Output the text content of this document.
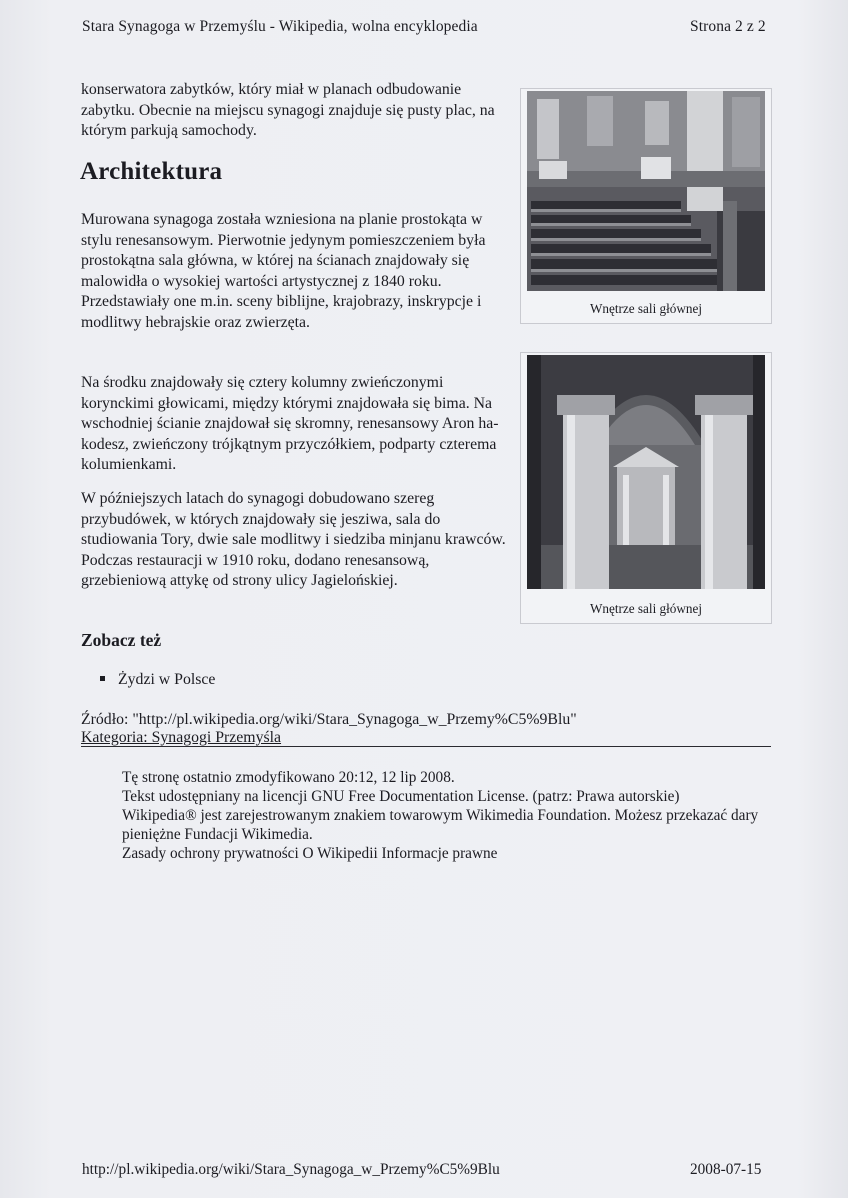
Stara Synagoga w Przemyślu - Wikipedia, wolna encyklopedia	Strona 2 z 2
konserwatora zabytków, który miał w planach odbudowanie zabytku. Obecnie na miejscu synagogi znajduje się pusty plac, na którym parkują samochody.
Architektura
Murowana synagoga została wzniesiona na planie prostokąta w stylu renesansowym. Pierwotnie jedynym pomieszczeniem była prostokątna sala główna, w której na ścianach znajdowały się malowidła o wysokiej wartości artystycznej z 1840 roku. Przedstawiały one m.in. sceny biblijne, krajobrazy, inskrypcje i modlitwy hebrajskie oraz zwierzęta.
Na środku znajdowały się cztery kolumny zwieńczonymi korynckimi głowicami, między którymi znajdowała się bima. Na wschodniej ścianie znajdował się skromny, renesansowy Aron ha-kodesz, zwieńczony trójkątnym przyczółkiem, podparty czterema kolumienkami.
W późniejszych latach do synagogi dobudowano szereg przybudówek, w których znajdowały się jesziwa, sala do studiowania Tory, dwie sale modlitwy i siedziba minjanu krawców. Podczas restauracji w 1910 roku, dodano renesansową, grzebieniową attykę od strony ulicy Jagielońskiej.
Wnętrze sali głównej
Wnętrze sali głównej
Zobacz też
Żydzi w Polsce
Źródło: "http://pl.wikipedia.org/wiki/Stara_Synagoga_w_Przemy%C5%9Blu"
Kategoria: Synagogi Przemyśla
Tę stronę ostatnio zmodyfikowano 20:12, 12 lip 2008.
Tekst udostępniany na licencji GNU Free Documentation License. (patrz: Prawa autorskie)
Wikipedia® jest zarejestrowanym znakiem towarowym Wikimedia Foundation. Możesz przekazać dary pieniężne Fundacji Wikimedia.
Zasady ochrony prywatności O Wikipedii Informacje prawne
http://pl.wikipedia.org/wiki/Stara_Synagoga_w_Przemy%C5%9Blu	2008-07-15
